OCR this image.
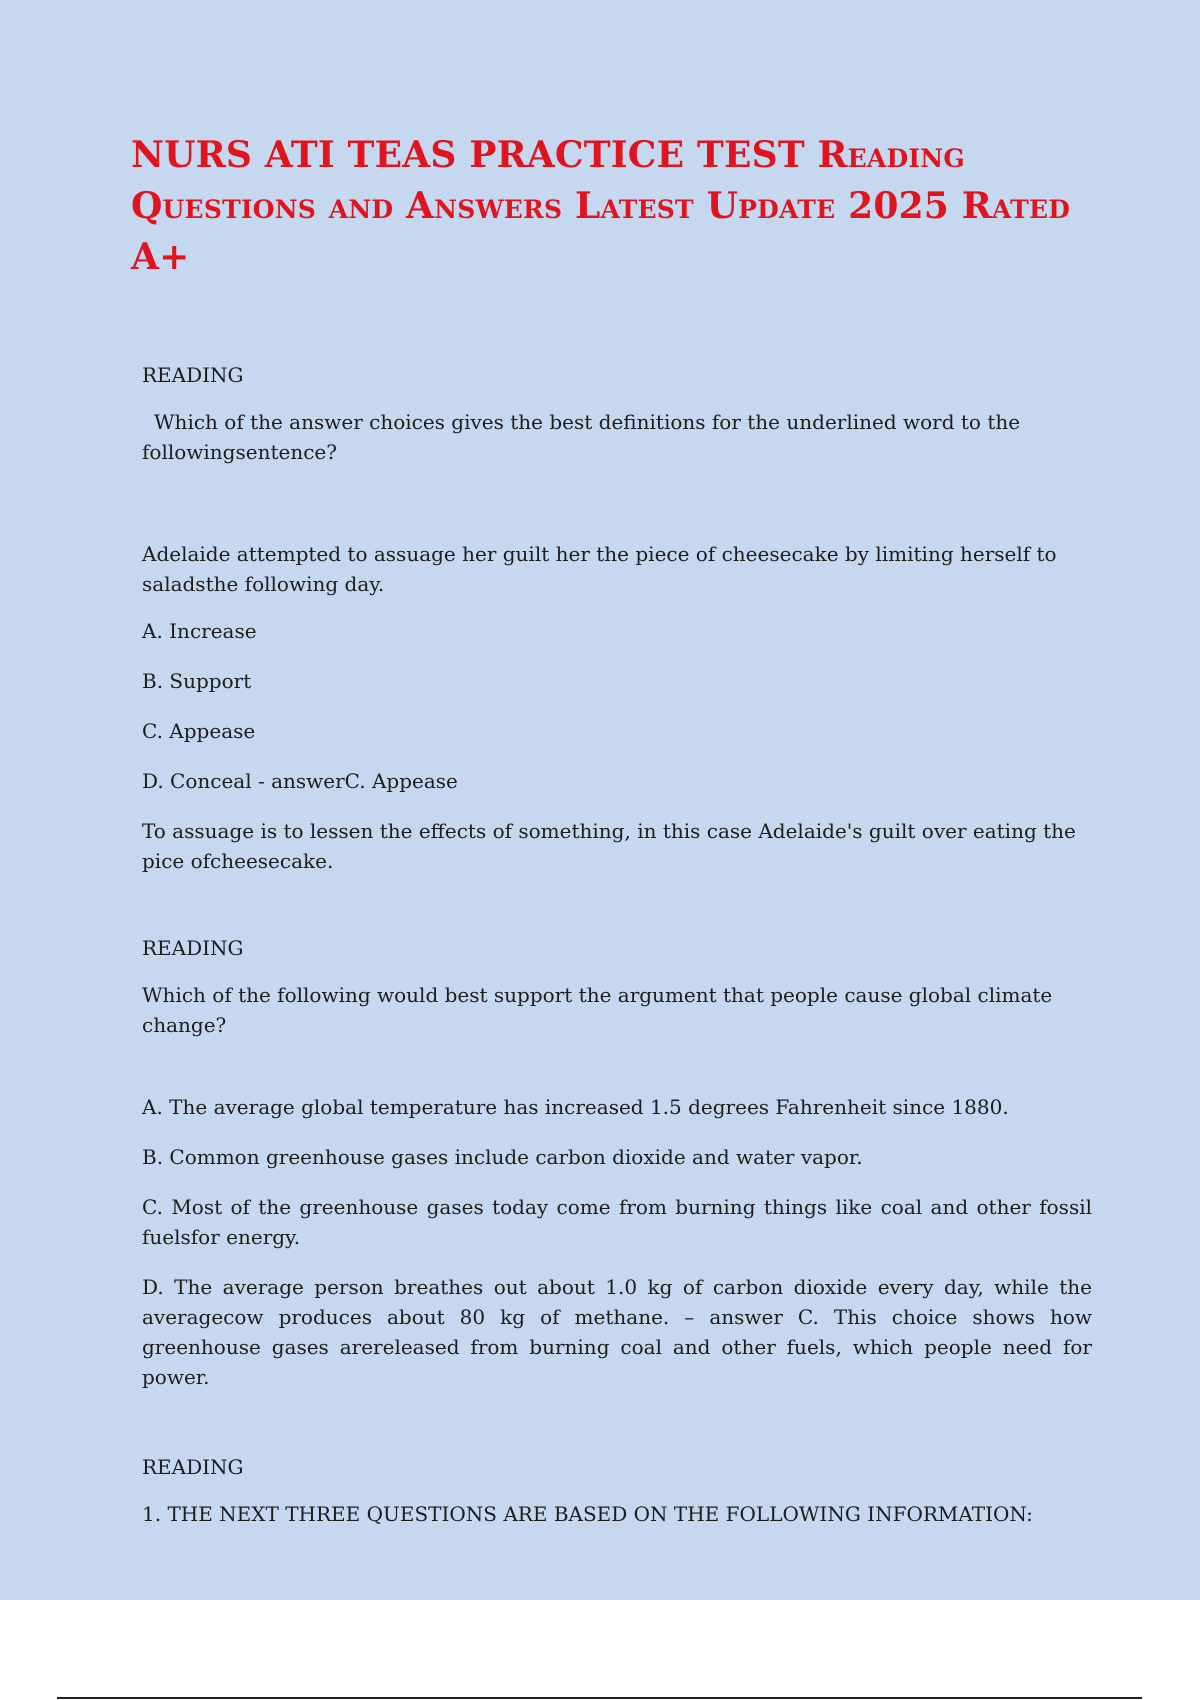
NURS ATI TEAS PRACTICE TEST Reading Questions and Answers Latest Update 2025 Rated A+

READING

Which of the answer choices gives the best definitions for the underlined word to the followingsentence?

Adelaide attempted to assuage her guilt her the piece of cheesecake by limiting herself to saladsthe following day.

A. Increase

B. Support

C. Appease

D. Conceal - answerC. Appease

To assuage is to lessen the effects of something, in this case Adelaide's guilt over eating the pice ofcheesecake.

READING

Which of the following would best support the argument that people cause global climate change?

A. The average global temperature has increased 1.5 degrees Fahrenheit since 1880.

B. Common greenhouse gases include carbon dioxide and water vapor.

C. Most of the greenhouse gases today come from burning things like coal and other fossil fuelsfor energy.

D. The average person breathes out about 1.0 kg of carbon dioxide every day, while the averagecow produces about 80 kg of methane. – answer C. This choice shows how greenhouse gases arereleased from burning coal and other fuels, which people need for power.

READING

1. THE NEXT THREE QUESTIONS ARE BASED ON THE FOLLOWING INFORMATION:
